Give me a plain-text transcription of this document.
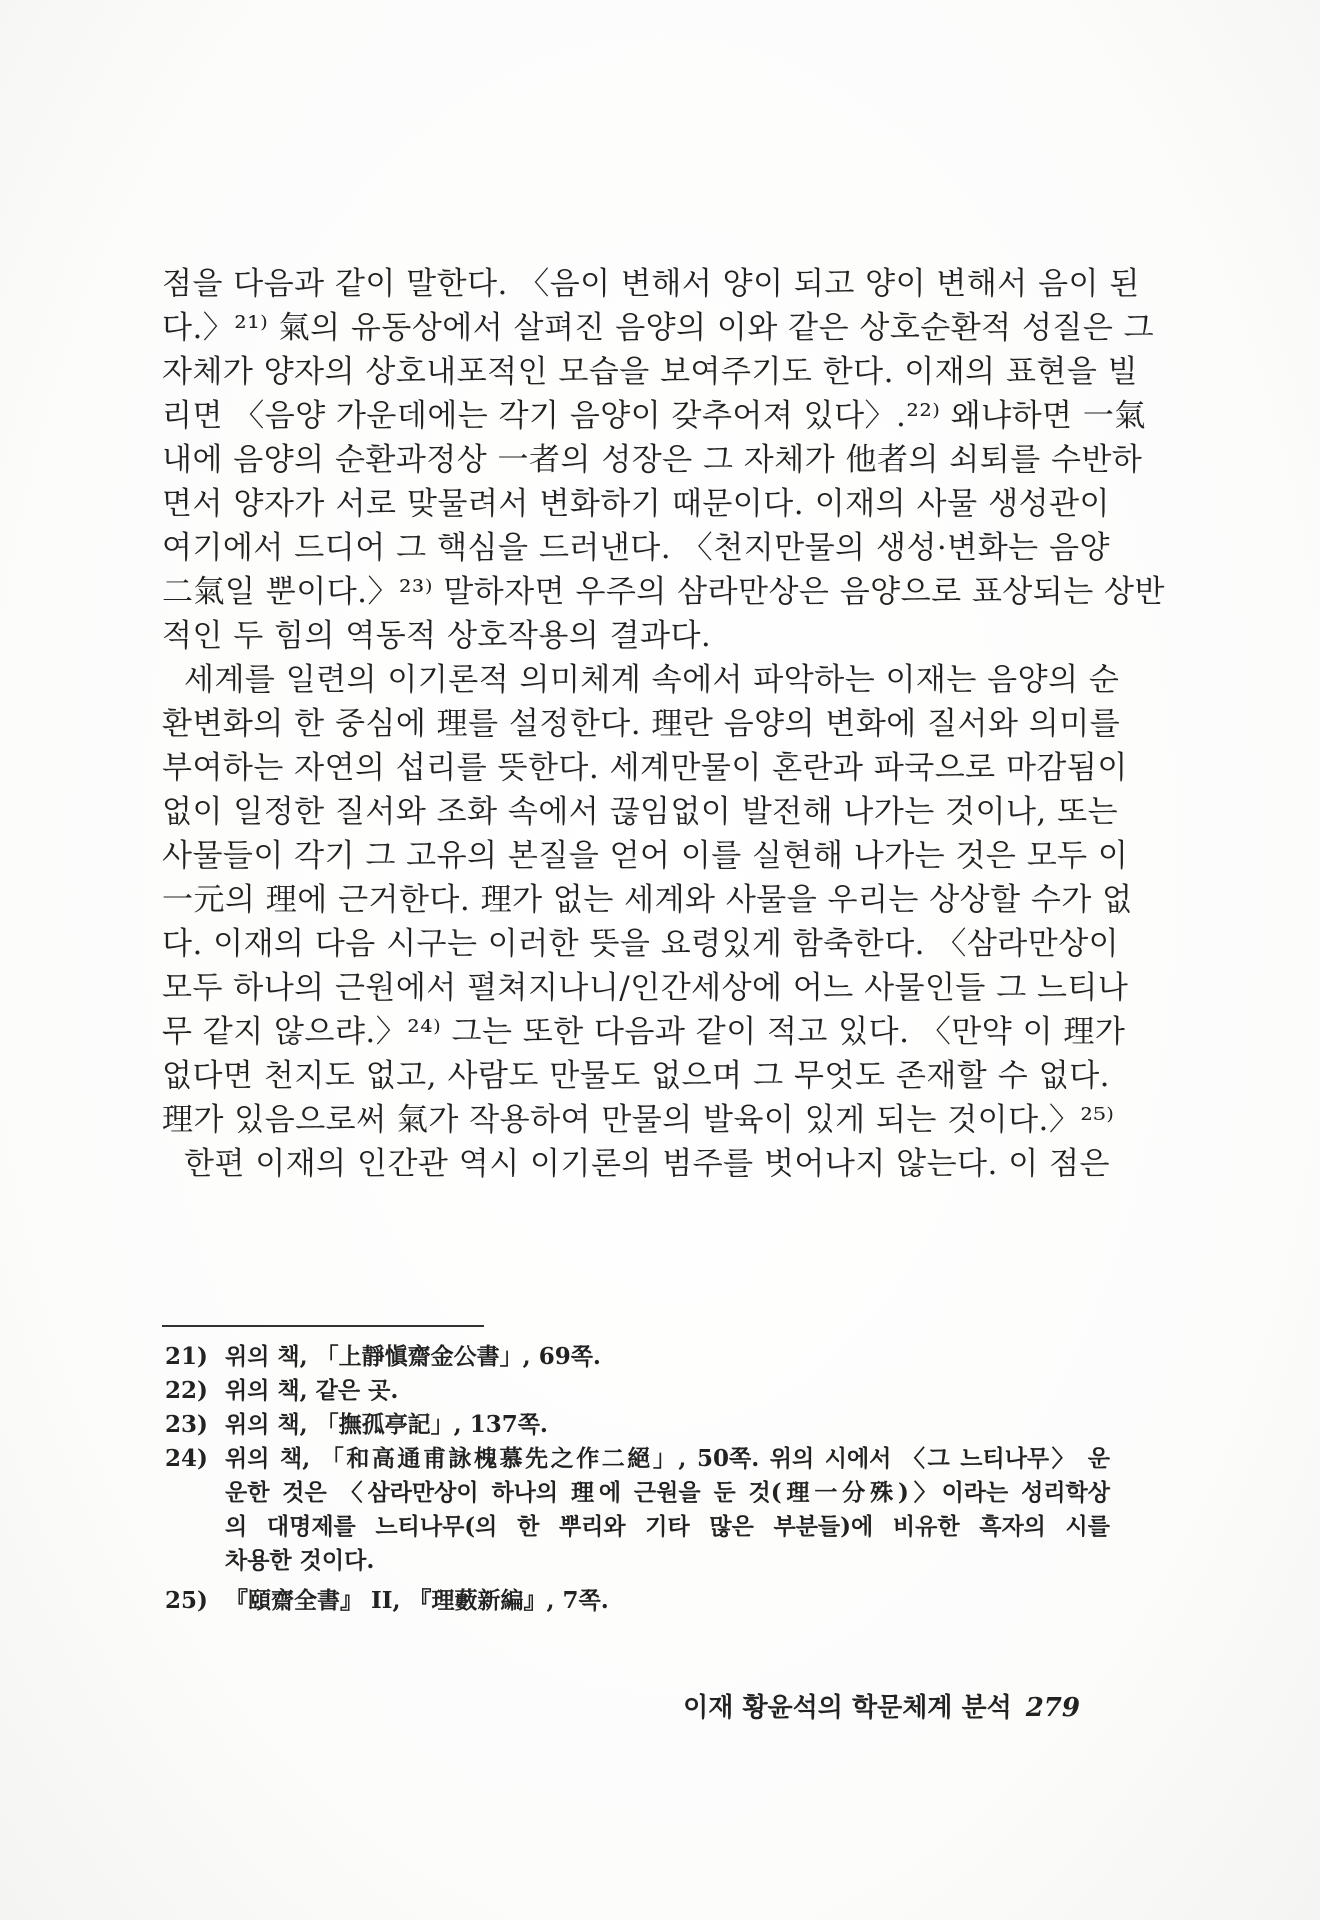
점을 다음과 같이 말한다. 〈음이 변해서 양이 되고 양이 변해서 음이 된
다.〉²¹⁾ 氣의 유동상에서 살펴진 음양의 이와 같은 상호순환적 성질은 그
자체가 양자의 상호내포적인 모습을 보여주기도 한다. 이재의 표현을 빌
리면 〈음양 가운데에는 각기 음양이 갖추어져 있다〉.²²⁾ 왜냐하면 一氣
내에 음양의 순환과정상 一者의 성장은 그 자체가 他者의 쇠퇴를 수반하
면서 양자가 서로 맞물려서 변화하기 때문이다. 이재의 사물 생성관이
여기에서 드디어 그 핵심을 드러낸다. 〈천지만물의 생성·변화는 음양
二氣일 뿐이다.〉²³⁾ 말하자면 우주의 삼라만상은 음양으로 표상되는 상반
적인 두 힘의 역동적 상호작용의 결과다.
세계를 일련의 이기론적 의미체계 속에서 파악하는 이재는 음양의 순
환변화의 한 중심에 理를 설정한다. 理란 음양의 변화에 질서와 의미를
부여하는 자연의 섭리를 뜻한다. 세계만물이 혼란과 파국으로 마감됨이
없이 일정한 질서와 조화 속에서 끊임없이 발전해 나가는 것이나, 또는
사물들이 각기 그 고유의 본질을 얻어 이를 실현해 나가는 것은 모두 이
一元의 理에 근거한다. 理가 없는 세계와 사물을 우리는 상상할 수가 없
다. 이재의 다음 시구는 이러한 뜻을 요령있게 함축한다. 〈삼라만상이
모두 하나의 근원에서 펼쳐지나니/인간세상에 어느 사물인들 그 느티나
무 같지 않으랴.〉²⁴⁾ 그는 또한 다음과 같이 적고 있다. 〈만약 이 理가
없다면 천지도 없고, 사람도 만물도 없으며 그 무엇도 존재할 수 없다.
理가 있음으로써 氣가 작용하여 만물의 발육이 있게 되는 것이다.〉²⁵⁾
한편 이재의 인간관 역시 이기론의 범주를 벗어나지 않는다. 이 점은
21) 위의 책, 「上靜愼齋金公書」, 69쪽.
22) 위의 책, 같은 곳.
23) 위의 책, 「撫孤亭記」, 137쪽.
24) 위의 책, 「和高通甫詠槐慕先之作二絕」, 50쪽. 위의 시에서 〈그 느티나무〉 운
운한 것은 〈삼라만상이 하나의 理에 근원을 둔 것(理一分殊)〉이라는 성리학상
의 대명제를 느티나무(의 한 뿌리와 기타 많은 부분들)에 비유한 흑자의 시를
차용한 것이다.
25) 『頤齋全書』 II, 『理藪新編』, 7쪽.
이재 황윤석의 학문체계 분석 279
